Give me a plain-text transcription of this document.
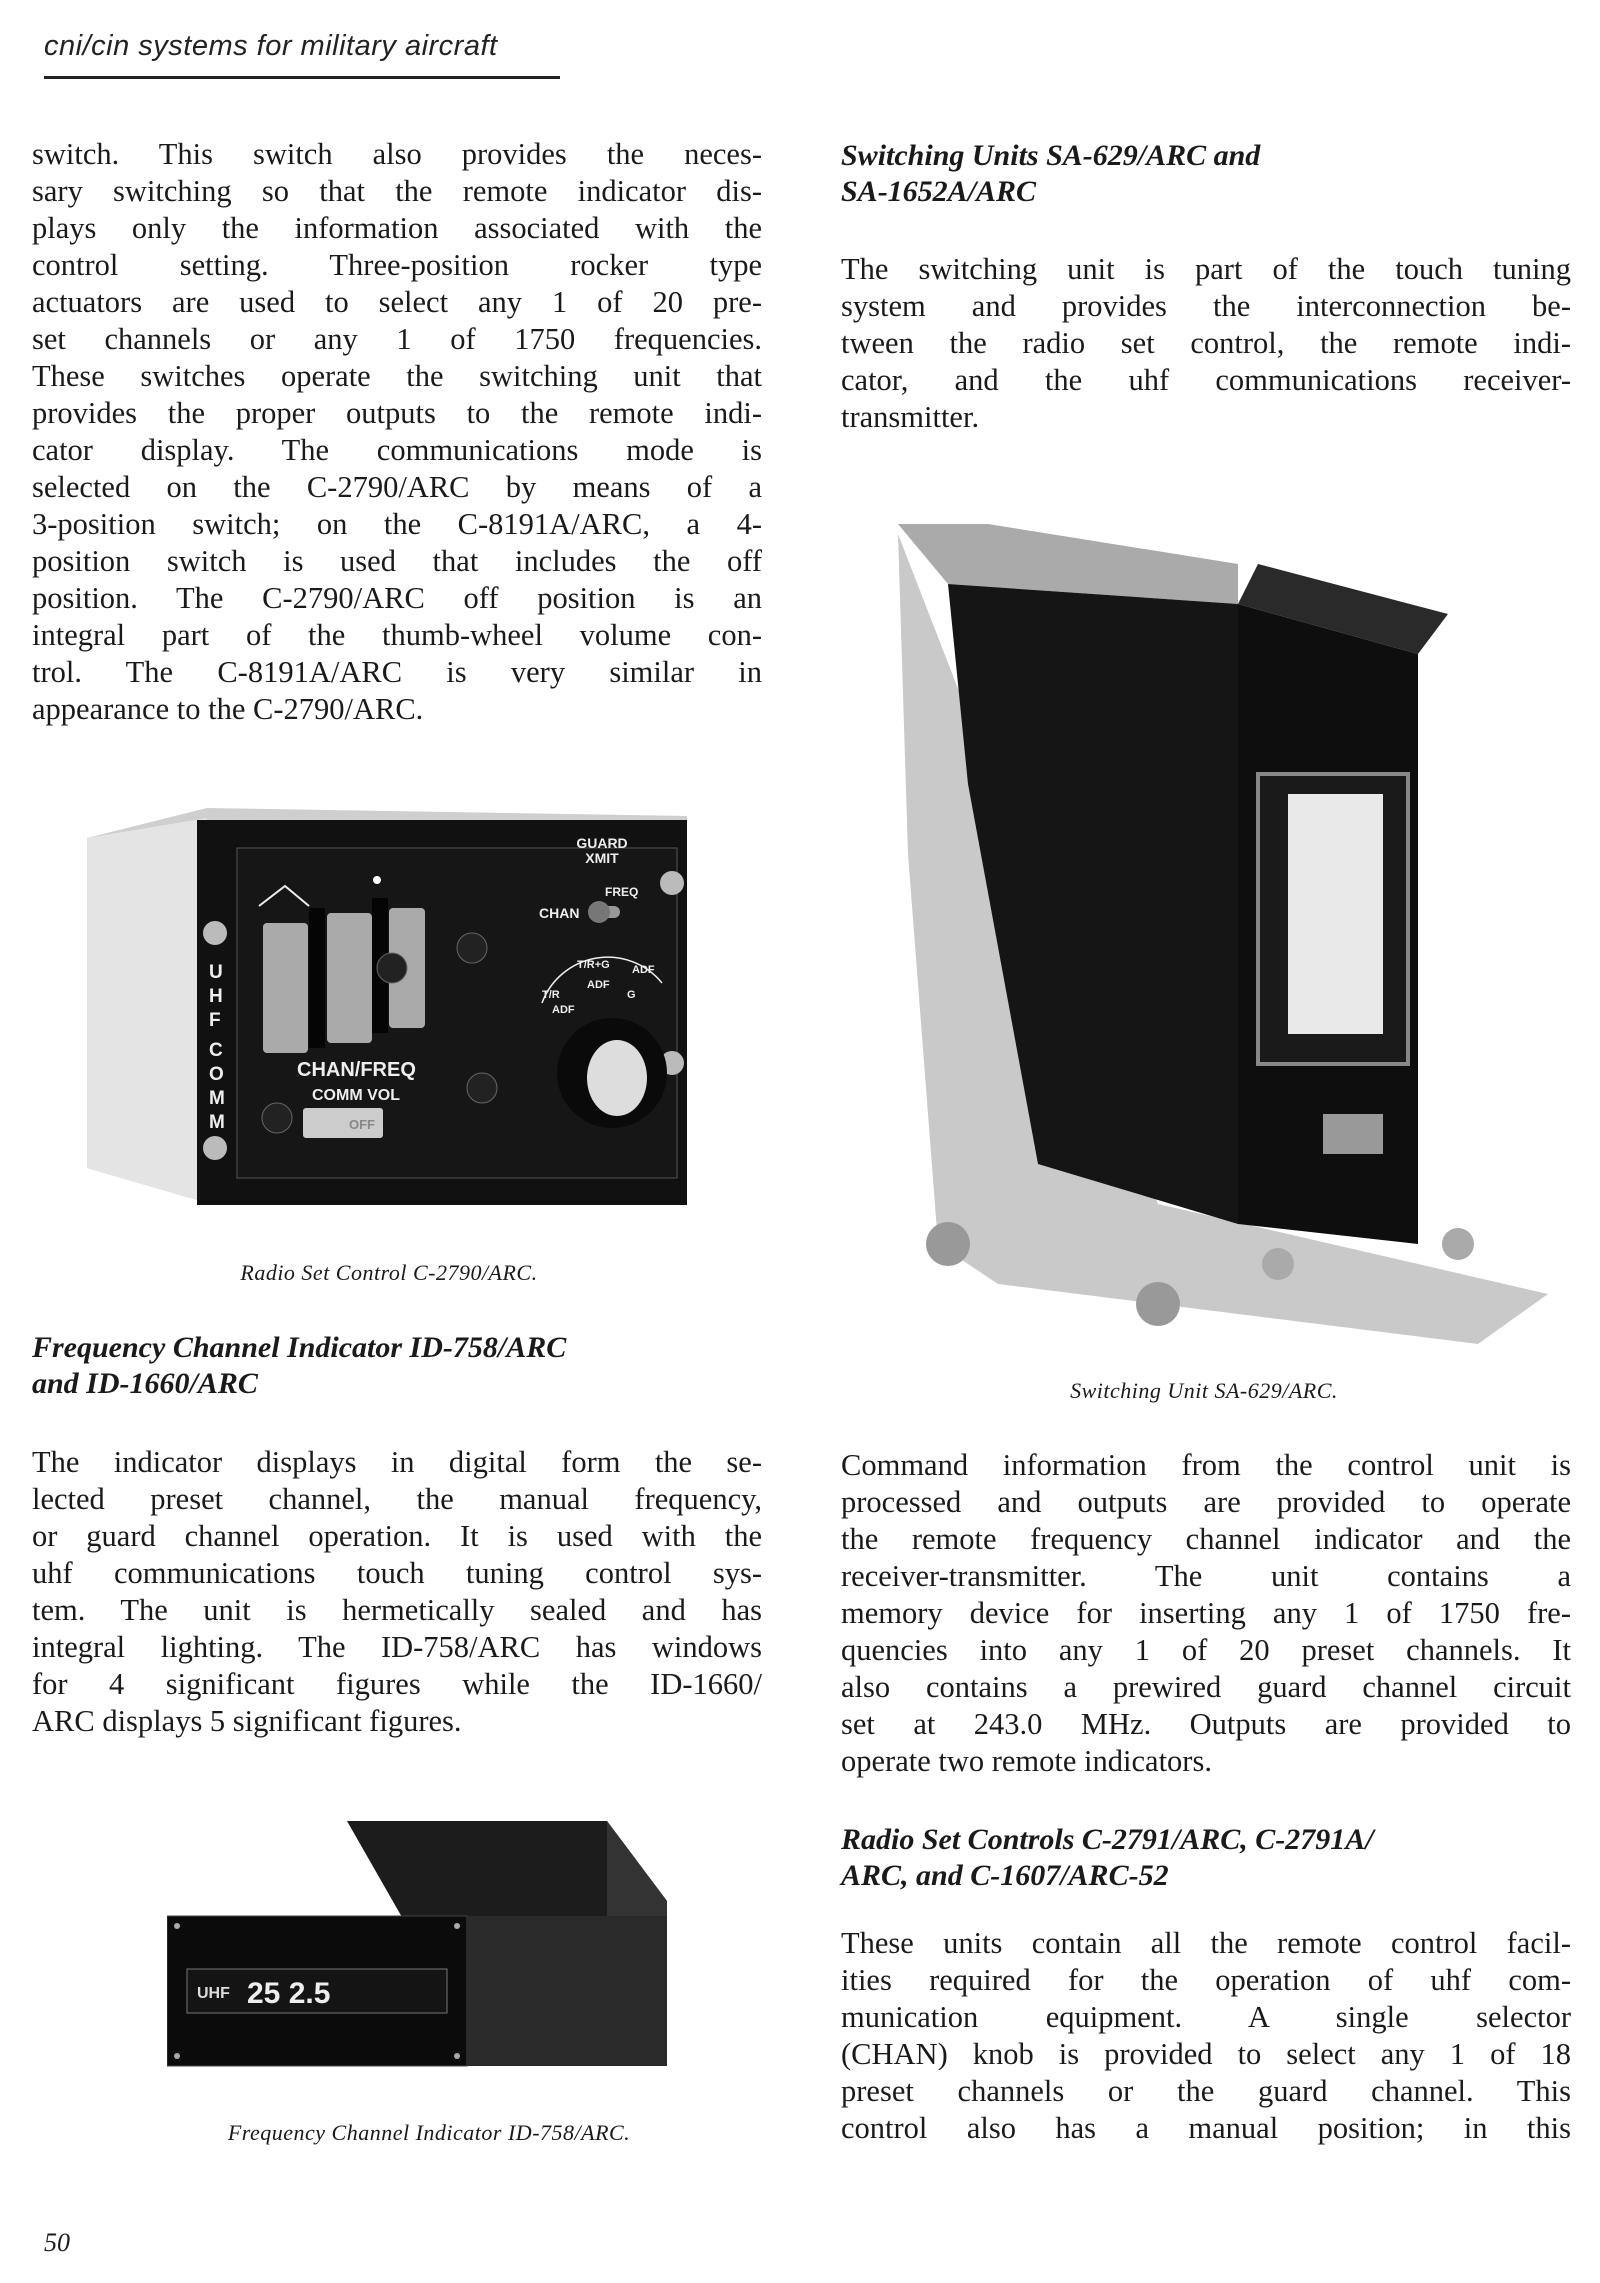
cni/cin systems for military aircraft
switch. This switch also provides the neces-
sary switching so that the remote indicator dis-
plays only the information associated with the
control setting. Three-position rocker type
actuators are used to select any 1 of 20 pre-
set channels or any 1 of 1750 frequencies.
These switches operate the switching unit that
provides the proper outputs to the remote indi-
cator display. The communications mode is
selected on the C-2790/ARC by means of a
3-position switch; on the C-8191A/ARC, a 4-
position switch is used that includes the off
position. The C-2790/ARC off position is an
integral part of the thumb-wheel volume con-
trol. The C-8191A/ARC is very similar in
appearance to the C-2790/ARC.
U H F C O M M
GUARD
XMIT
CHAN
FREQ
CHAN/FREQ
COMM VOL
OFF
T/R
T/R+G ADF
ADF
ADF
G
Radio Set Control C-2790/ARC.
Frequency Channel Indicator ID-758/ARC
and ID-1660/ARC
The indicator displays in digital form the se-
lected preset channel, the manual frequency,
or guard channel operation. It is used with the
uhf communications touch tuning control sys-
tem. The unit is hermetically sealed and has
integral lighting. The ID-758/ARC has windows
for 4 significant figures while the ID-1660/
ARC displays 5 significant figures.
UHF 25 2.5
Frequency Channel Indicator ID-758/ARC.
50
Switching Units SA-629/ARC and
SA-1652A/ARC
The switching unit is part of the touch tuning
system and provides the interconnection be-
tween the radio set control, the remote indi-
cator, and the uhf communications receiver-
transmitter.
Switching Unit SA-629/ARC.
Command information from the control unit is
processed and outputs are provided to operate
the remote frequency channel indicator and the
receiver-transmitter. The unit contains a
memory device for inserting any 1 of 1750 fre-
quencies into any 1 of 20 preset channels. It
also contains a prewired guard channel circuit
set at 243.0 MHz. Outputs are provided to
operate two remote indicators.
Radio Set Controls C-2791/ARC, C-2791A/
ARC, and C-1607/ARC-52
These units contain all the remote control facil-
ities required for the operation of uhf com-
munication equipment. A single selector
(CHAN) knob is provided to select any 1 of 18
preset channels or the guard channel. This
control also has a manual position; in this
